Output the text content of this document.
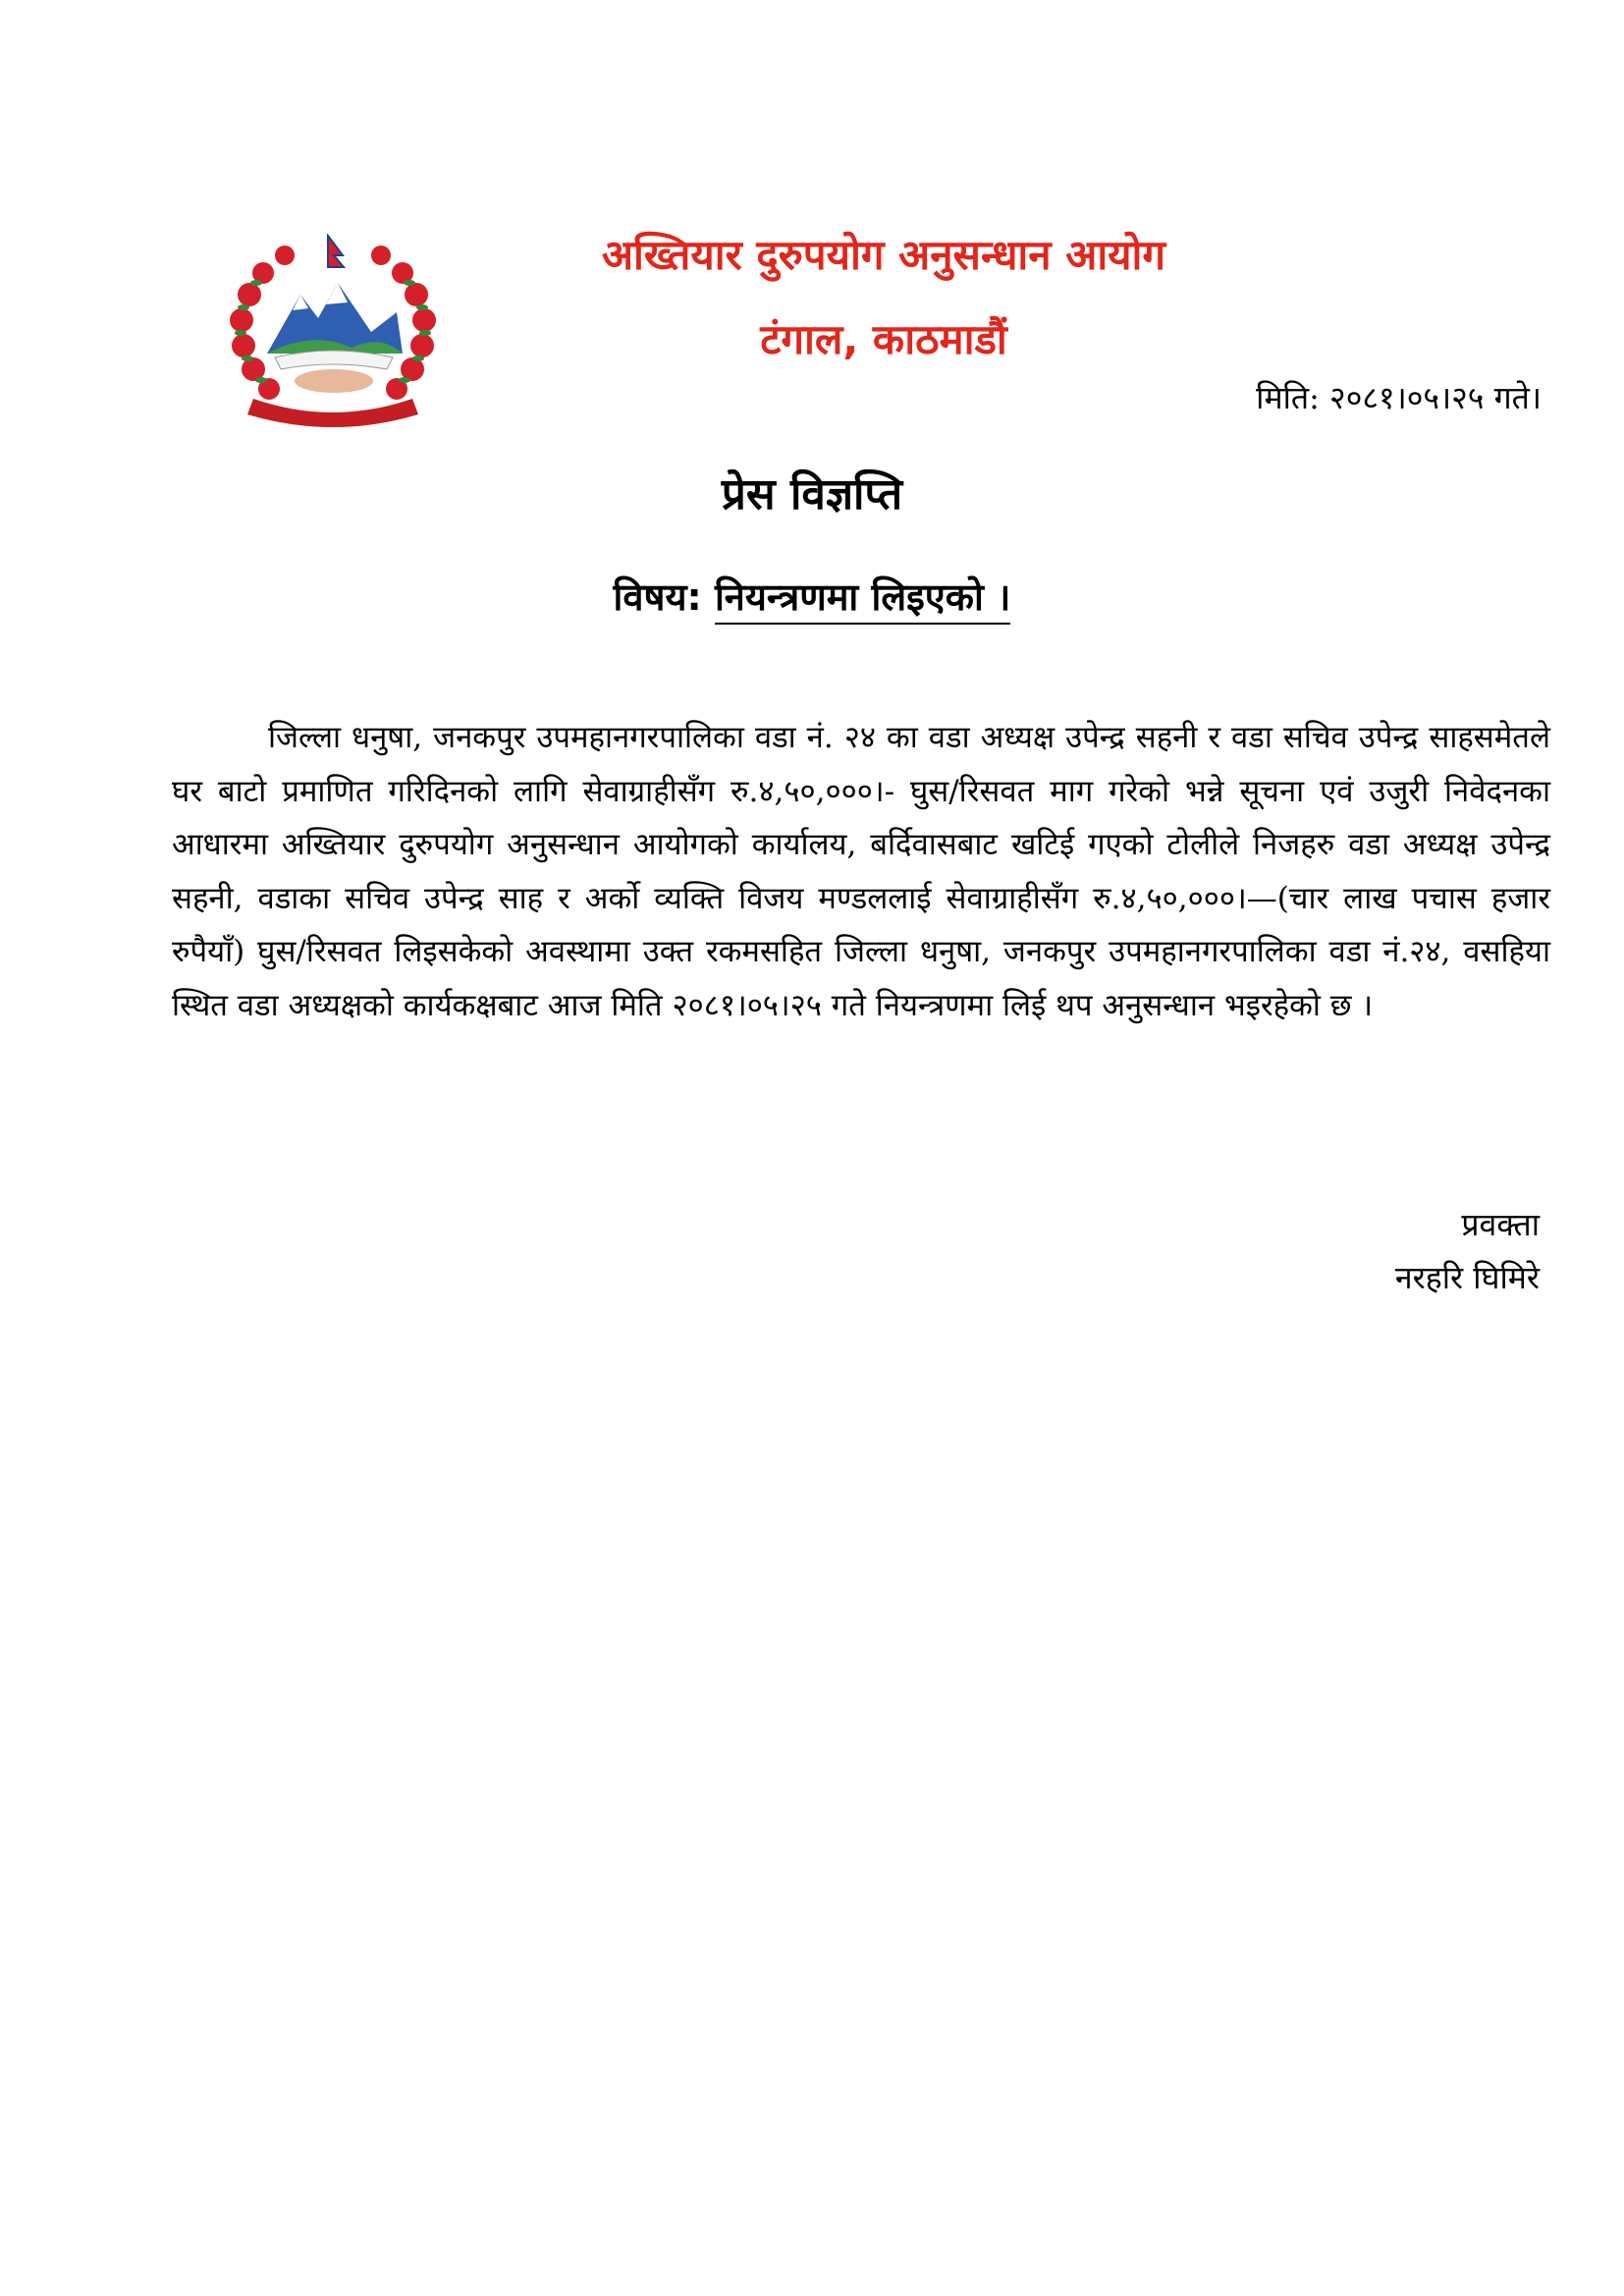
अख्तियार दुरुपयोग अनुसन्धान आयोग
टंगाल, काठमाडौं
मिति: २०८१।०५।२५ गते।
प्रेस विज्ञप्ति
विषय: नियन्त्रणमा लिइएको ।

जिल्ला धनुषा, जनकपुर उपमहानगरपालिका वडा नं. २४ का वडा अध्यक्ष उपेन्द्र सहनी र वडा सचिव उपेन्द्र साहसमेतले घर बाटो प्रमाणित गरिदिनको लागि सेवाग्राहीसँग रु.४,५०,०००।- घुस/रिसवत माग गरेको भन्ने सूचना एवं उजुरी निवेदनका आधारमा अख्तियार दुरुपयोग अनुसन्धान आयोगको कार्यालय, बर्दिवासबाट खटिई गएको टोलीले निजहरु वडा अध्यक्ष उपेन्द्र सहनी, वडाका सचिव उपेन्द्र साह र अर्को व्यक्ति विजय मण्डललाई सेवाग्राहीसँग रु.४,५०,०००।—(चार लाख पचास हजार रुपैयाँ) घुस/रिसवत लिइसकेको अवस्थामा उक्त रकमसहित जिल्ला धनुषा, जनकपुर उपमहानगरपालिका वडा नं.२४, वसहिया स्थित वडा अध्यक्षको कार्यकक्षबाट आज मिति २०८१।०५।२५ गते नियन्त्रणमा लिई थप अनुसन्धान भइरहेको छ ।

प्रवक्ता
नरहरि घिमिरे
